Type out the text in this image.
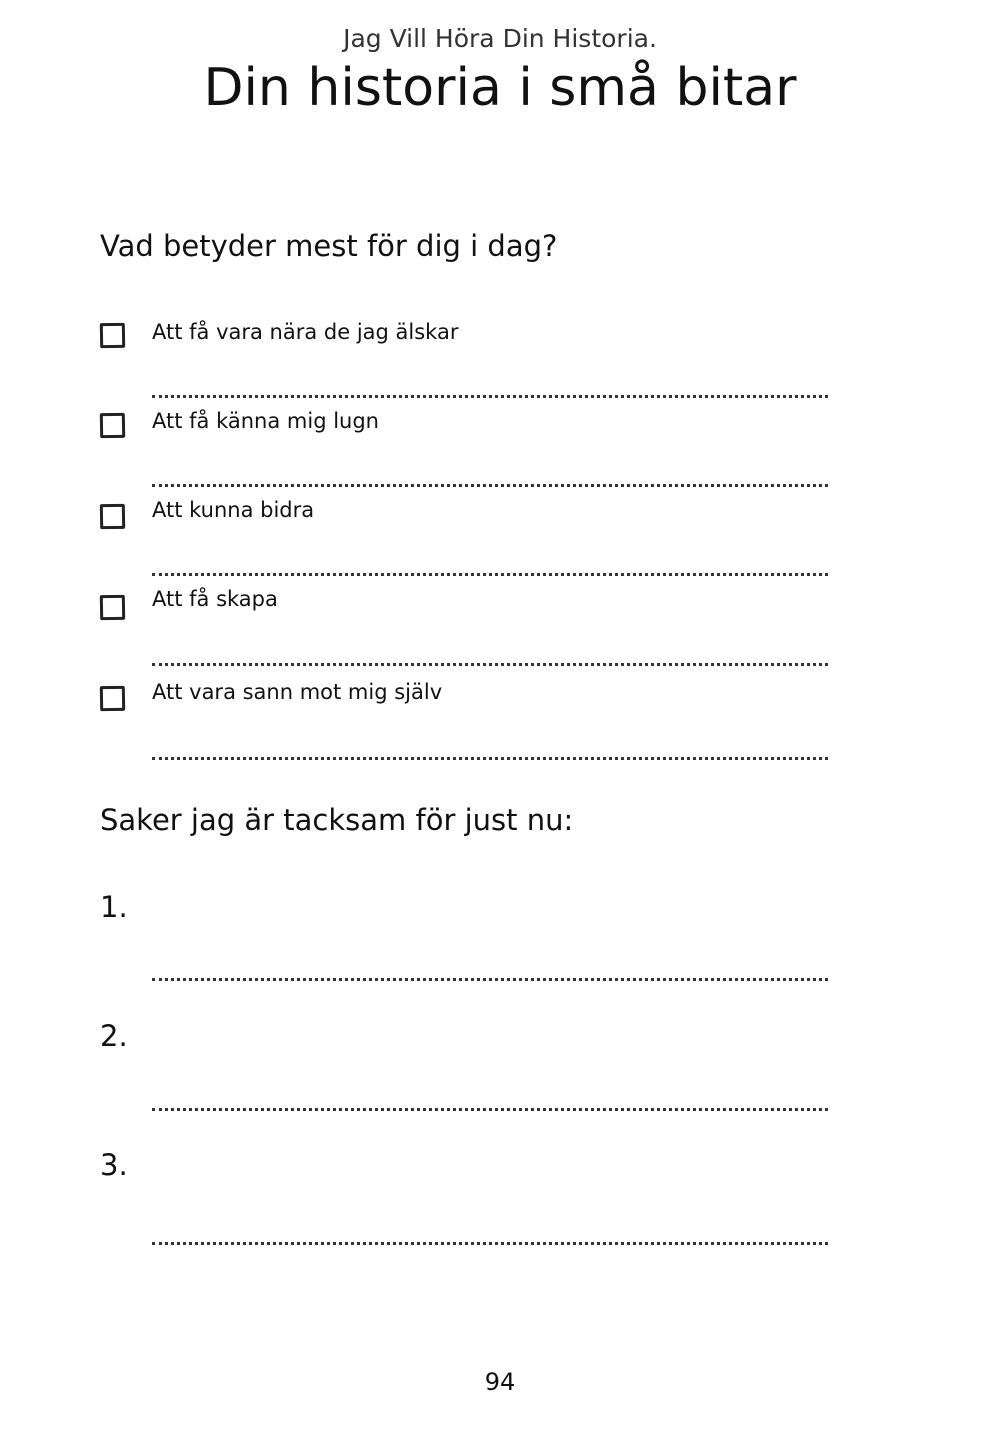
Jag Vill Höra Din Historia.
Din historia i små bitar
Vad betyder mest för dig i dag?
Att få vara nära de jag älskar
Att få känna mig lugn
Att kunna bidra
Att få skapa
Att vara sann mot mig själv
Saker jag är tacksam för just nu:
1.
2.
3.
94
